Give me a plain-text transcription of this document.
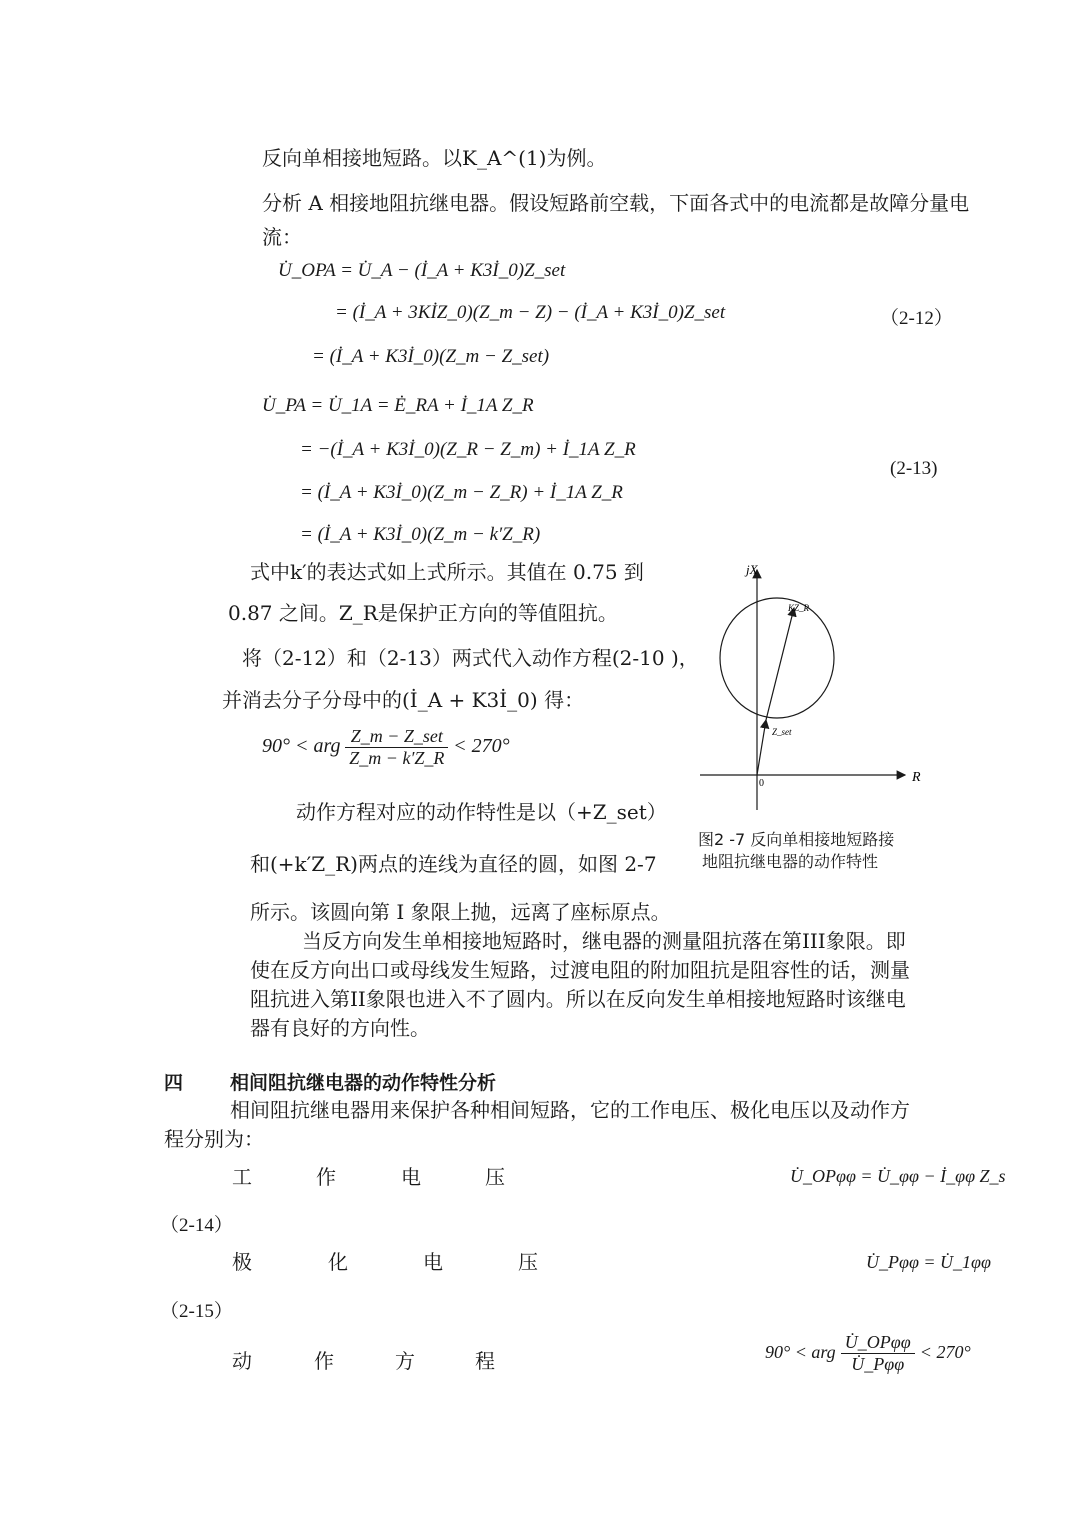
反向单相接地短路。以K_A^(1)为例。
分析 A 相接地阻抗继电器。假设短路前空载，下面各式中的电流都是故障分量电流：
U̇_OPA = U̇_A − (İ_A + K3İ_0)Z_set
= (İ_A + 3KİZ_0)(Z_m − Z) − (İ_A + K3İ_0)Z_set
= (İ_A + K3İ_0)(Z_m − Z_set)
（2-12）
U̇_PA = U̇_1A = Ė_RA + İ_1A Z_R
= −(İ_A + K3İ_0)(Z_R − Z_m) + İ_1A Z_R
= (İ_A + K3İ_0)(Z_m − Z_R) + İ_1A Z_R
= (İ_A + K3İ_0)(Z_m − k′Z_R)
(2-13)
式中k′的表达式如上式所示。其值在 0.75 到
0.87 之间。Z_R是保护正方向的等值阻抗。
将（2-12）和（2-13）两式代入动作方程(2-10 )，
并消去分子分母中的(İ_A + K3İ_0) 得：
90° < arg $\frac{\text{Z\_m − Z\_set}}{Z\_m - k'Z\_R} < 270^\circ$
动作方程对应的动作特性是以（+Z_set）
和(+k′Z_R)两点的连线为直径的圆，如图 2-7
所示。该圆向第 I 象限上抛，远离了座标原点。
当反方向发生单相接地短路时，继电器的测量阻抗落在第III象限。即
使在反方向出口或母线发生短路，过渡电阻的附加阻抗是阻容性的话，测量
阻抗进入第II象限也进入不了圆内。所以在反向发生单相接地短路时该继电
器有良好的方向性。
jX
R
0
KZ_R
Z_set
图2 -7 反向单相接地短路接
地阻抗继电器的动作特性
四 相间阻抗继电器的动作特性分析
相间阻抗继电器用来保护各种相间短路，它的工作电压、极化电压以及动作方
程分别为：
工	作	电	压	U̇_OPφφ = U̇_φφ − İ_φφ Z_s
（2-14）
极	化	电	压	U̇_Pφφ = U̇_1φφ
（2-15）
动	作	方	程	90° < arg $\frac{\text{U̇\_OPφφ}}{\text{U̇\_Pφφ}} < 270^\circ$
